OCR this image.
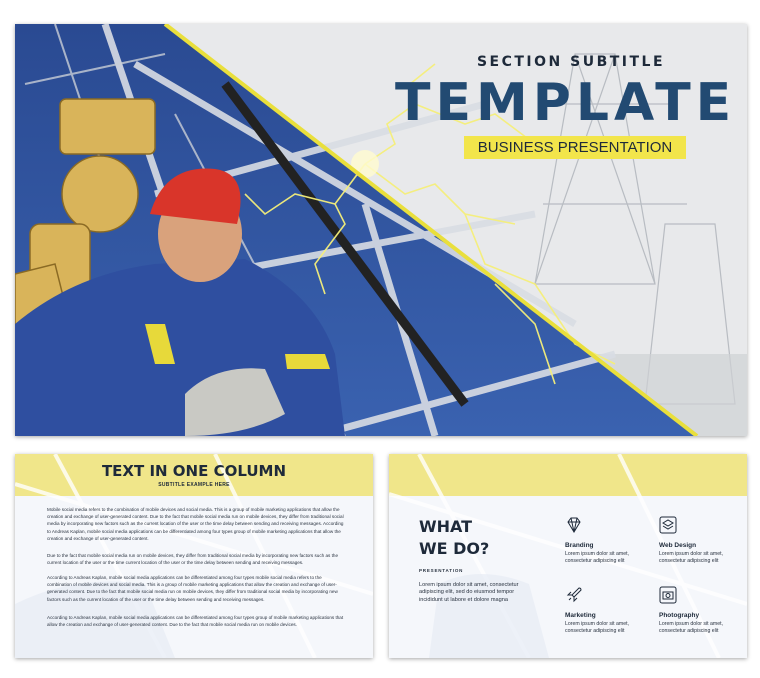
SECTION SUBTITLE
TEMPLATE
BUSINESS PRESENTATION
TEXT IN ONE COLUMN
SUBTITLE EXAMPLE HERE
Mobile social media refers to the combination of mobile devices and social media. This is a group of mobile marketing applications that allow the creation and exchange of user-generated content. Due to the fact that mobile social media run on mobile devices, they differ from traditional social media by incorporating new factors such as the current location of the user or the time delay between sending and receiving messages. According to Andreas Kaplan, mobile social media applications can be differentiated among four types group of mobile marketing applications that allow the creation and exchange of user-generated content.
Due to the fact that mobile social media run on mobile devices, they differ from traditional social media by incorporating new factors such as the current location of the user or the time current location of the user or the time delay between sending and receiving messages.
According to Andreas Kaplan, mobile social media applications can be differentiated among four types mobile social media refers to the combination of mobile devices and social media. This is a group of mobile marketing applications that allow the creation and exchange of user-generated content. Due to the fact that mobile social media run on mobile devices, they differ from traditional social media by incorporating new factors such as the current location of the user or the time delay between sending and receiving messages.
According to Andreas Kaplan, mobile social media applications can be differentiated among four types group of mobile marketing applications that allow the creation and exchange of user-generated content. Due to the fact that mobile social media run on mobile devices.
WHAT
WE DO?
PRESENTATION
Lorem ipsum dolor sit amet, consectetur adipiscing elit, sed do eiusmod tempor incididunt ut labore et dolore magna
Branding
Lorem ipsum dolor sit amet, consectetur adipiscing elit
Web Design
Lorem ipsum dolor sit amet, consectetur adipiscing elit
Marketing
Lorem ipsum dolor sit amet, consectetur adipiscing elit
Photography
Lorem ipsum dolor sit amet, consectetur adipiscing elit
